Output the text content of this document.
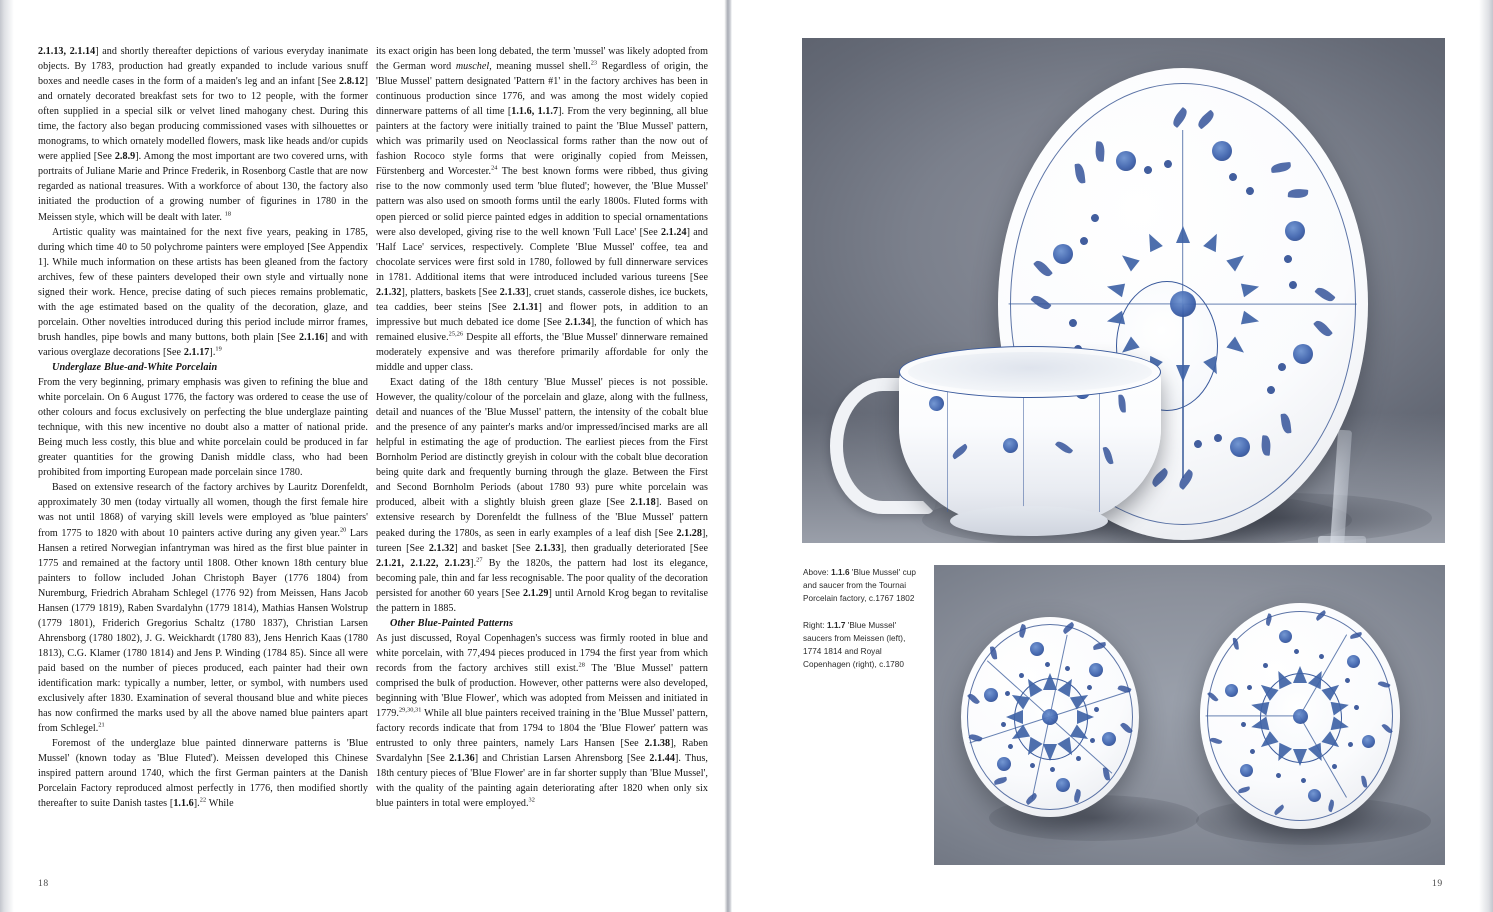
2.1.13, 2.1.14] and shortly thereafter depictions of various everyday inanimate objects. By 1783, production had greatly expanded to include various snuff boxes and needle cases in the form of a maiden's leg and an infant [See 2.8.12] and ornately decorated breakfast sets for two to 12 people, with the former often supplied in a special silk or velvet lined mahogany chest. During this time, the factory also began producing commissioned vases with silhouettes or monograms, to which ornately modelled flowers, mask like heads and/or cupids were applied [See 2.8.9]. Among the most important are two covered urns, with portraits of Juliane Marie and Prince Frederik, in Rosenborg Castle that are now regarded as national treasures. With a workforce of about 130, the factory also initiated the production of a growing number of figurines in 1780 in the Meissen style, which will be dealt with later. $^{18}$

Artistic quality was maintained for the next five years, peaking in 1785, during which time 40 to 50 polychrome painters were employed [See Appendix 1]. While much information on these artists has been gleaned from the factory archives, few of these painters developed their own style and virtually none signed their work. Hence, precise dating of such pieces remains problematic, with the age estimated based on the quality of the decoration, glaze, and porcelain. Other novelties introduced during this period include mirror frames, brush handles, pipe bowls and many buttons, both plain [See 2.1.16] and with various overglaze decorations [See 2.1.17].$^{19}$

Underglaze Blue-and-White Porcelain

From the very beginning, primary emphasis was given to refining the blue and white porcelain. On 6 August 1776, the factory was ordered to cease the use of other colours and focus exclusively on perfecting the blue underglaze painting technique, with this new incentive no doubt also a matter of national pride. Being much less costly, this blue and white porcelain could be produced in far greater quantities for the growing Danish middle class, who had been prohibited from importing European made porcelain since 1780.

Based on extensive research of the factory archives by Lauritz Dorenfeldt, approximately 30 men (today virtually all women, though the first female hire was not until 1868) of varying skill levels were employed as 'blue painters' from 1775 to 1820 with about 10 painters active during any given year.$^{20}$ Lars Hansen a retired Norwegian infantryman was hired as the first blue painter in 1775 and remained at the factory until 1808. Other known 18th century blue painters to follow included Johan Christoph Bayer (1776 1804) from Nuremburg, Friedrich Abraham Schlegel (1776 92) from Meissen, Hans Jacob Hansen (1779 1819), Raben Svardalyhn (1779 1814), Mathias Hansen Wolstrup (1779 1801), Friderich Gregorius Schaltz (1780 1837), Christian Larsen Ahrensborg (1780 1802), J. G. Weickhardt (1780 83), Jens Henrich Kaas (1780 1813), C.G. Klamer (1780 1814) and Jens P. Winding (1784 85). Since all were paid based on the number of pieces produced, each painter had their own identification mark: typically a number, letter, or symbol, with numbers used exclusively after 1830. Examination of several thousand blue and white pieces has now confirmed the marks used by all the above named blue painters apart from Schlegel.$^{21}$

Foremost of the underglaze blue painted dinnerware patterns is 'Blue Mussel' (known today as 'Blue Fluted'). Meissen developed this Chinese inspired pattern around 1740, which the first German painters at the Danish Porcelain Factory reproduced almost perfectly in 1776, then modified shortly thereafter to suite Danish tastes [1.1.6].$^{22}$ While

its exact origin has been long debated, the term 'mussel' was likely adopted from the German word muschel, meaning mussel shell.$^{23}$ Regardless of origin, the 'Blue Mussel' pattern designated 'Pattern #1' in the factory archives has been in continuous production since 1776, and was among the most widely copied dinnerware patterns of all time [1.1.6, 1.1.7]. From the very beginning, all blue painters at the factory were initially trained to paint the 'Blue Mussel' pattern, which was primarily used on Neoclassical forms rather than the now out of fashion Rococo style forms that were originally copied from Meissen, Fürstenberg and Worcester.$^{24}$ The best known forms were ribbed, thus giving rise to the now commonly used term 'blue fluted'; however, the 'Blue Mussel' pattern was also used on smooth forms until the early 1800s. Fluted forms with open pierced or solid pierce painted edges in addition to special ornamentations were also developed, giving rise to the well known 'Full Lace' [See 2.1.24] and 'Half Lace' services, respectively. Complete 'Blue Mussel' coffee, tea and chocolate services were first sold in 1780, followed by full dinnerware services in 1781. Additional items that were introduced included various tureens [See 2.1.32], platters, baskets [See 2.1.33], cruet stands, casserole dishes, ice buckets, tea caddies, beer steins [See 2.1.31] and flower pots, in addition to an impressive but much debated ice dome [See 2.1.34], the function of which has remained elusive.$^{25,26}$ Despite all efforts, the 'Blue Mussel' dinnerware remained moderately expensive and was therefore primarily affordable for only the middle and upper class.

Exact dating of the 18th century 'Blue Mussel' pieces is not possible. However, the quality/colour of the porcelain and glaze, along with the fullness, detail and nuances of the 'Blue Mussel' pattern, the intensity of the cobalt blue and the presence of any painter's marks and/or impressed/incised marks are all helpful in estimating the age of production. The earliest pieces from the First Bornholm Period are distinctly greyish in colour with the cobalt blue decoration being quite dark and frequently burning through the glaze. Between the First and Second Bornholm Periods (about 1780 93) pure white porcelain was produced, albeit with a slightly bluish green glaze [See 2.1.18]. Based on extensive research by Dorenfeldt the fullness of the 'Blue Mussel' pattern peaked during the 1780s, as seen in early examples of a leaf dish [See 2.1.28], tureen [See 2.1.32] and basket [See 2.1.33], then gradually deteriorated [See 2.1.21, 2.1.22, 2.1.23].$^{27}$ By the 1820s, the pattern had lost its elegance, becoming pale, thin and far less recognisable. The poor quality of the decoration persisted for another 60 years [See 2.1.29] until Arnold Krog began to revitalise the pattern in 1885.

Other Blue-Painted Patterns

As just discussed, Royal Copenhagen's success was firmly rooted in blue and white porcelain, with 77,494 pieces produced in 1794 the first year from which records from the factory archives still exist.$^{28}$ The 'Blue Mussel' pattern comprised the bulk of production. However, other patterns were also developed, beginning with 'Blue Flower', which was adopted from Meissen and initiated in 1779.$^{29,30,31}$ While all blue painters received training in the 'Blue Mussel' pattern, factory records indicate that from 1794 to 1804 the 'Blue Flower' pattern was entrusted to only three painters, namely Lars Hansen [See 2.1.38], Raben Svardalyhn [See 2.1.36] and Christian Larsen Ahrensborg [See 2.1.44]. Thus, 18th century pieces of 'Blue Flower' are in far shorter supply than 'Blue Mussel', with the quality of the painting again deteriorating after 1820 when only six blue painters in total were employed.$^{32}$

18

Above: 1.1.6 'Blue Mussel' cup and saucer from the Tournai Porcelain factory, c.1767 1802

Right: 1.1.7 'Blue Mussel' saucers from Meissen (left), 1774 1814 and Royal Copenhagen (right), c.1780

19
